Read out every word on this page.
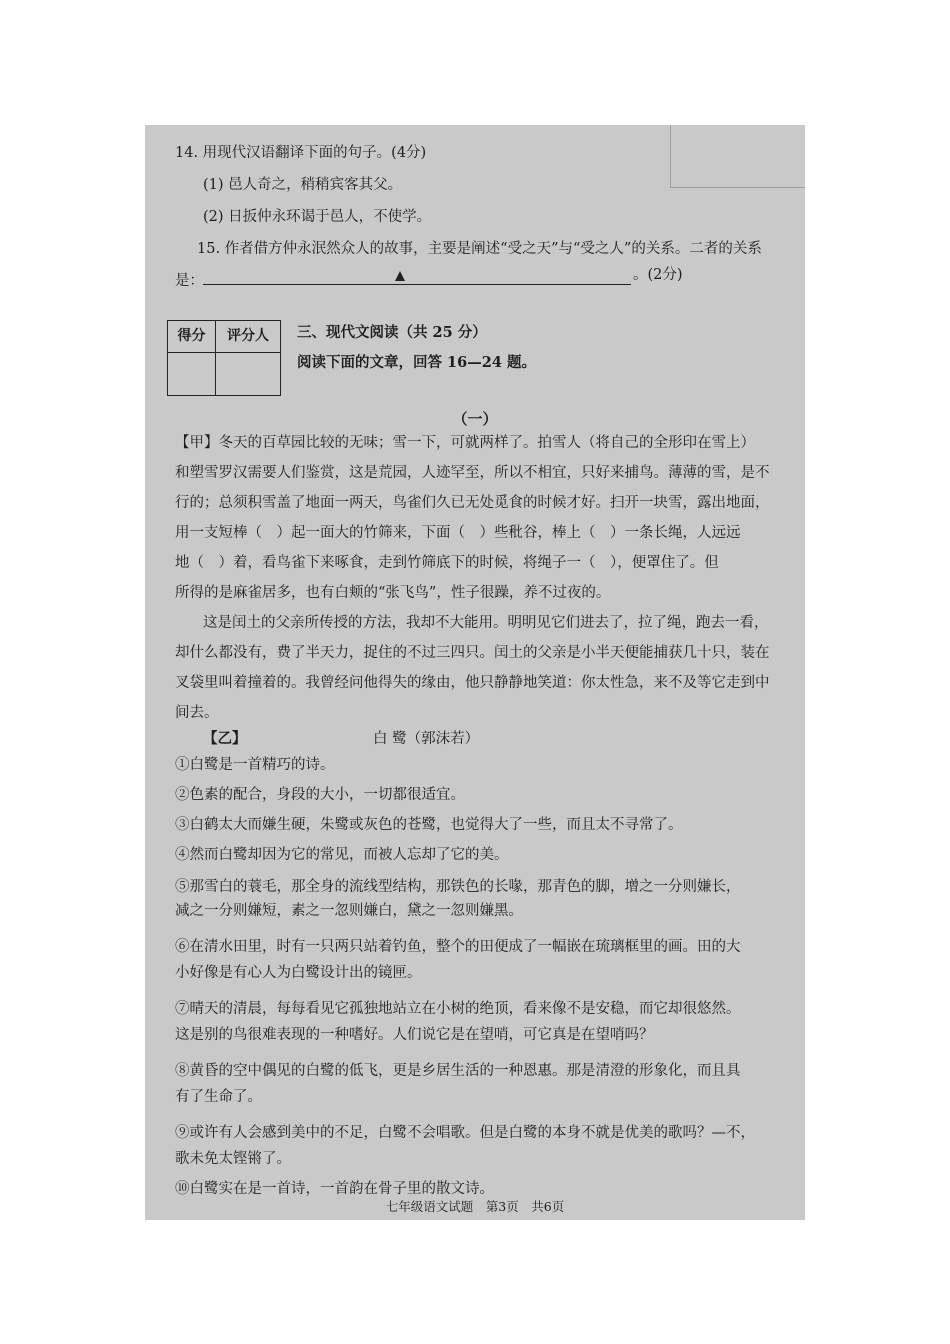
14. 用现代汉语翻译下面的句子。(4分)
(1) 邑人奇之，稍稍宾客其父。
(2) 日扳仲永环谒于邑人，不使学。
15. 作者借方仲永泯然众人的故事，主要是阐述“受之天”与“受之人”的关系。二者的关系
是：	。(2分)
得分	评分人	三、现代文阅读（共 25 分）
阅读下面的文章，回答 16—24 题。
（一）
【甲】冬天的百草园比较的无味；雪一下，可就两样了。拍雪人（将自己的全形印在雪上）
和塑雪罗汉需要人们鉴赏，这是荒园，人迹罕至，所以不相宜，只好来捕鸟。薄薄的雪，是不
行的；总须积雪盖了地面一两天，鸟雀们久已无处觅食的时候才好。扫开一块雪，露出地面，
用一支短棒（　）起一面大的竹筛来，下面（　）些秕谷，棒上（　）一条长绳，人远远
地（　）着，看鸟雀下来啄食，走到竹筛底下的时候，将绳子一（　），便罩住了。但
所得的是麻雀居多，也有白颊的“张飞鸟”，性子很躁，养不过夜的。
这是闰土的父亲所传授的方法，我却不大能用。明明见它们进去了，拉了绳，跑去一看，
却什么都没有，费了半天力，捉住的不过三四只。闰土的父亲是小半天便能捕获几十只，装在
叉袋里叫着撞着的。我曾经问他得失的缘由，他只静静地笑道：你太性急，来不及等它走到中
间去。
【乙】	白 鹭（郭沫若）
①白鹭是一首精巧的诗。
②色素的配合，身段的大小，一切都很适宜。
③白鹤太大而嫌生硬，朱鹭或灰色的苍鹭，也觉得大了一些，而且太不寻常了。
④然而白鹭却因为它的常见，而被人忘却了它的美。
⑤那雪白的蓑毛，那全身的流线型结构，那铁色的长喙，那青色的脚，增之一分则嫌长，
减之一分则嫌短，素之一忽则嫌白，黛之一忽则嫌黑。
⑥在清水田里，时有一只两只站着钓鱼，整个的田便成了一幅嵌在琉璃框里的画。田的大
小好像是有心人为白鹭设计出的镜匣。
⑦晴天的清晨，每每看见它孤独地站立在小树的绝顶，看来像不是安稳，而它却很悠然。
这是别的鸟很难表现的一种嗜好。人们说它是在望哨，可它真是在望哨吗？
⑧黄昏的空中偶见的白鹭的低飞，更是乡居生活的一种恩惠。那是清澄的形象化，而且具
有了生命了。
⑨或许有人会感到美中的不足，白鹭不会唱歌。但是白鹭的本身不就是优美的歌吗？—不，
歌未免太铿锵了。
⑩白鹭实在是一首诗，一首韵在骨子里的散文诗。
七年级语文试题　第3页　共6页
